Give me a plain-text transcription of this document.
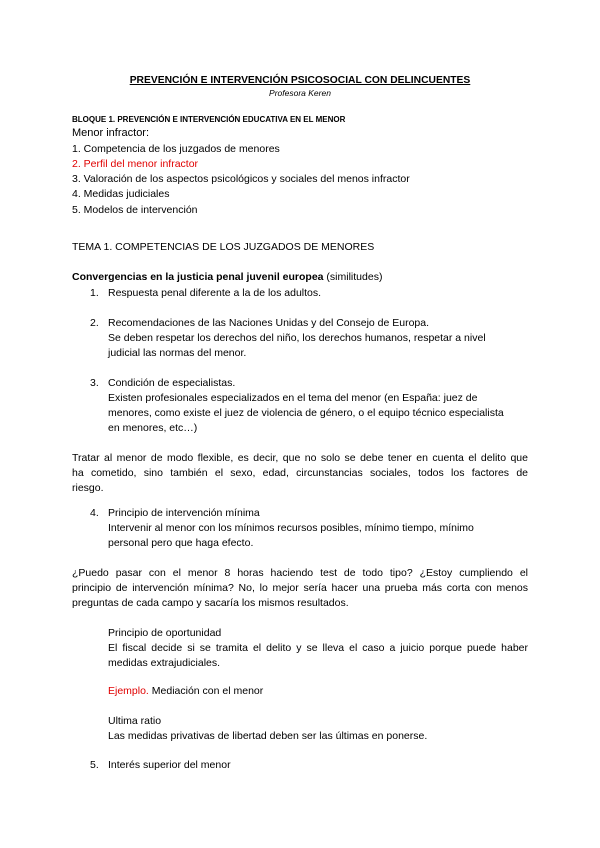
PREVENCIÓN E INTERVENCIÓN PSICOSOCIAL CON DELINCUENTES
Profesora Keren
BLOQUE 1. PREVENCIÓN E INTERVENCIÓN EDUCATIVA EN EL MENOR
Menor infractor:
1. Competencia de los juzgados de menores
2. Perfil del menor infractor
3. Valoración de los aspectos psicológicos y sociales del menos infractor
4. Medidas judiciales
5. Modelos de intervención
TEMA 1. COMPETENCIAS DE LOS JUZGADOS DE MENORES
Convergencias en la justicia penal juvenil europea (similitudes)
1. Respuesta penal diferente a la de los adultos.
2. Recomendaciones de las Naciones Unidas y del Consejo de Europa.
Se deben respetar los derechos del niño, los derechos humanos, respetar a nivel
judicial las normas del menor.
3. Condición de especialistas.
Existen profesionales especializados en el tema del menor (en España: juez de
menores, como existe el juez de violencia de género, o el equipo técnico especialista
en menores, etc…)
Tratar al menor de modo flexible, es decir, que no solo se debe tener en cuenta el delito que
ha cometido, sino también el sexo, edad, circunstancias sociales, todos los factores de
riesgo.
4. Principio de intervención mínima
Intervenir al menor con los mínimos recursos posibles, mínimo tiempo, mínimo
personal pero que haga efecto.
¿Puedo pasar con el menor 8 horas haciendo test de todo tipo? ¿Estoy cumpliendo el
principio de intervención mínima? No, lo mejor sería hacer una prueba más corta con menos
preguntas de cada campo y sacaría los mismos resultados.
Principio de oportunidad
El fiscal decide si se tramita el delito y se lleva el caso a juicio porque puede haber
medidas extrajudiciales.
Ejemplo. Mediación con el menor
Ultima ratio
Las medidas privativas de libertad deben ser las últimas en ponerse.
5. Interés superior del menor
